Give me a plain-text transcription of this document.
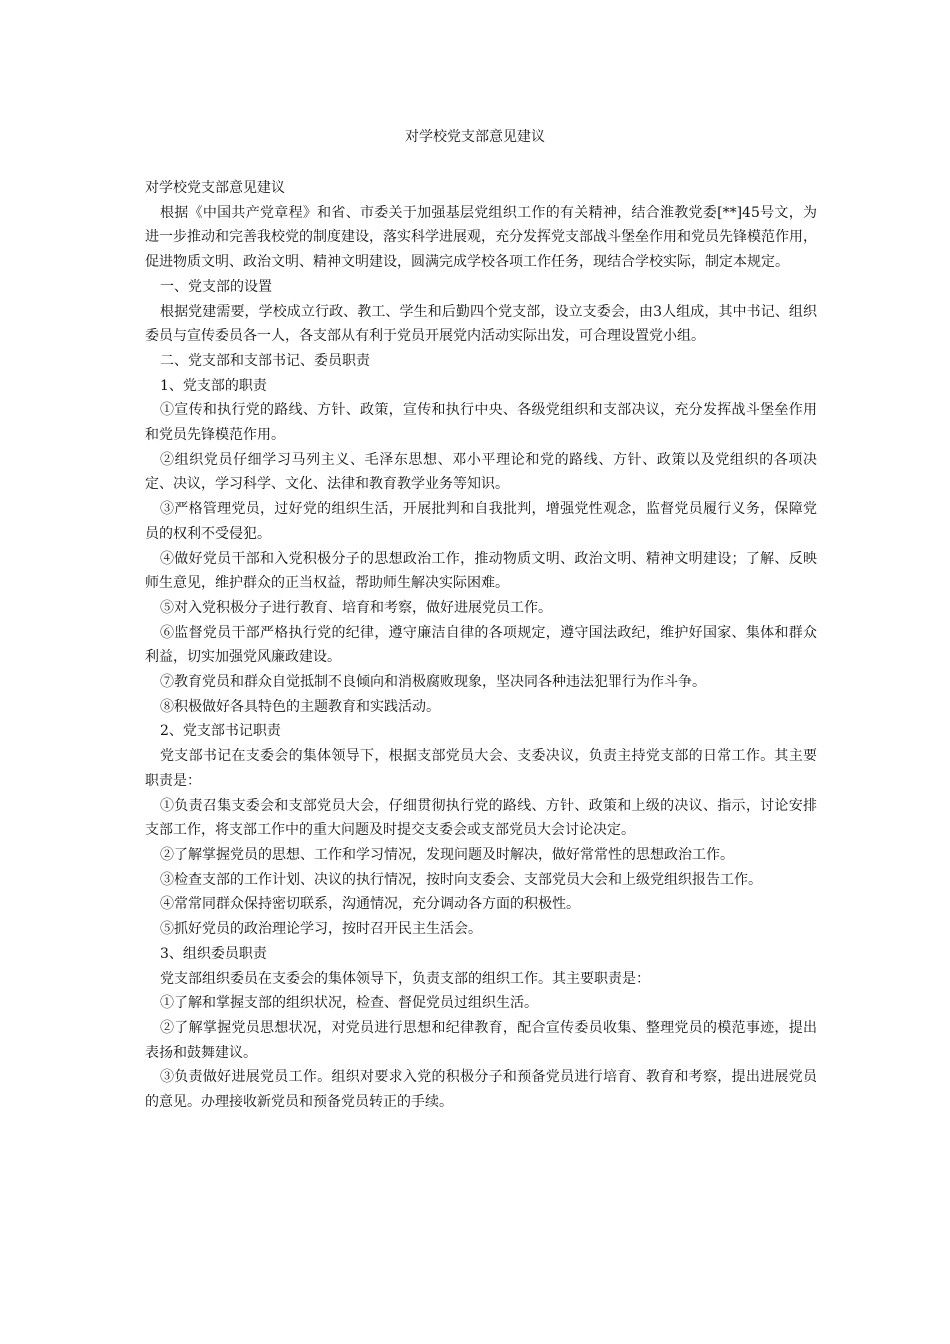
对学校党支部意见建议

对学校党支部意见建议

根据《中国共产党章程》和省、市委关于加强基层党组织工作的有关精神，结合淮教党委[**]45号文，为进一步推动和完善我校党的制度建设，落实科学进展观，充分发挥党支部战斗堡垒作用和党员先锋模范作用，促进物质文明、政治文明、精神文明建设，圆满完成学校各项工作任务，现结合学校实际，制定本规定。

一、党支部的设置

根据党建需要，学校成立行政、教工、学生和后勤四个党支部，设立支委会，由3人组成，其中书记、组织委员与宣传委员各一人，各支部从有利于党员开展党内活动实际出发，可合理设置党小组。

二、党支部和支部书记、委员职责

1、党支部的职责

①宣传和执行党的路线、方针、政策，宣传和执行中央、各级党组织和支部决议，充分发挥战斗堡垒作用和党员先锋模范作用。

②组织党员仔细学习马列主义、毛泽东思想、邓小平理论和党的路线、方针、政策以及党组织的各项决定、决议，学习科学、文化、法律和教育教学业务等知识。

③严格管理党员，过好党的组织生活，开展批判和自我批判，增强党性观念，监督党员履行义务，保障党员的权利不受侵犯。

④做好党员干部和入党积极分子的思想政治工作，推动物质文明、政治文明、精神文明建设；了解、反映师生意见，维护群众的正当权益，帮助师生解决实际困难。

⑤对入党积极分子进行教育、培育和考察，做好进展党员工作。

⑥监督党员干部严格执行党的纪律，遵守廉洁自律的各项规定，遵守国法政纪，维护好国家、集体和群众利益，切实加强党风廉政建设。

⑦教育党员和群众自觉抵制不良倾向和消极腐败现象，坚决同各种违法犯罪行为作斗争。

⑧积极做好各具特色的主题教育和实践活动。

2、党支部书记职责

党支部书记在支委会的集体领导下，根据支部党员大会、支委决议，负责主持党支部的日常工作。其主要职责是：

①负责召集支委会和支部党员大会，仔细贯彻执行党的路线、方针、政策和上级的决议、指示，讨论安排支部工作，将支部工作中的重大问题及时提交支委会或支部党员大会讨论决定。

②了解掌握党员的思想、工作和学习情况，发现问题及时解决，做好常常性的思想政治工作。

③检查支部的工作计划、决议的执行情况，按时向支委会、支部党员大会和上级党组织报告工作。

④常常同群众保持密切联系，沟通情况，充分调动各方面的积极性。

⑤抓好党员的政治理论学习，按时召开民主生活会。

3、组织委员职责

党支部组织委员在支委会的集体领导下，负责支部的组织工作。其主要职责是：

①了解和掌握支部的组织状况，检查、督促党员过组织生活。

②了解掌握党员思想状况，对党员进行思想和纪律教育，配合宣传委员收集、整理党员的模范事迹，提出表扬和鼓舞建议。

③负责做好进展党员工作。组织对要求入党的积极分子和预备党员进行培育、教育和考察，提出进展党员的意见。办理接收新党员和预备党员转正的手续。
